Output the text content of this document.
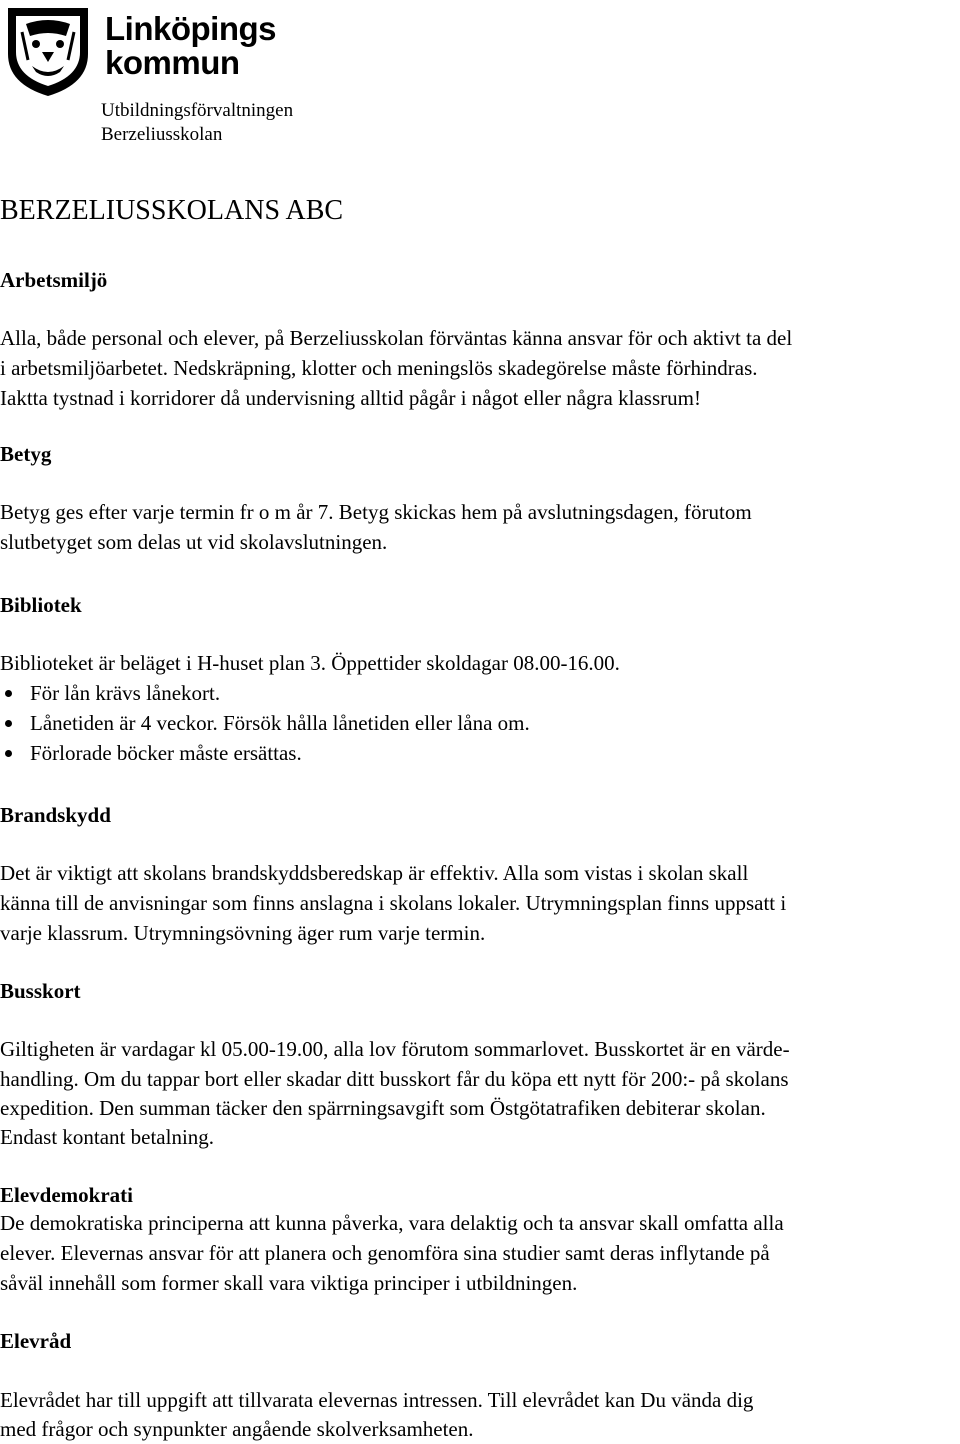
Linköpings
kommun
Utbildningsförvaltningen
Berzeliusskolan
BERZELIUSSKOLANS ABC
Arbetsmiljö
Alla, både personal och elever, på Berzeliusskolan förväntas känna ansvar för och aktivt ta del
i arbetsmiljöarbetet. Nedskräpning, klotter och meningslös skadegörelse måste förhindras.
Iaktta tystnad i korridorer då undervisning alltid pågår i något eller några klassrum!
Betyg
Betyg ges efter varje termin fr o m år 7. Betyg skickas hem på avslutningsdagen, förutom
slutbetyget som delas ut vid skolavslutningen.
Bibliotek
Biblioteket är beläget i H-huset plan 3. Öppettider skoldagar 08.00-16.00.
För lån krävs lånekort.
Lånetiden är 4 veckor. Försök hålla lånetiden eller låna om.
Förlorade böcker måste ersättas.
Brandskydd
Det är viktigt att skolans brandskyddsberedskap är effektiv. Alla som vistas i skolan skall
känna till de anvisningar som finns anslagna i skolans lokaler. Utrymningsplan finns uppsatt i
varje klassrum. Utrymningsövning äger rum varje termin.
Busskort
Giltigheten är vardagar kl 05.00-19.00, alla lov förutom sommarlovet. Busskortet är en värde-
handling. Om du tappar bort eller skadar ditt busskort får du köpa ett nytt för 200:- på skolans
expedition. Den summan täcker den spärrningsavgift som Östgötatrafiken debiterar skolan.
Endast kontant betalning.
Elevdemokrati
De demokratiska principerna att kunna påverka, vara delaktig och ta ansvar skall omfatta alla
elever. Elevernas ansvar för att planera och genomföra sina studier samt deras inflytande på
såväl innehåll som former skall vara viktiga principer i utbildningen.
Elevråd
Elevrådet har till uppgift att tillvarata elevernas intressen. Till elevrådet kan Du vända dig
med frågor och synpunkter angående skolverksamheten.
